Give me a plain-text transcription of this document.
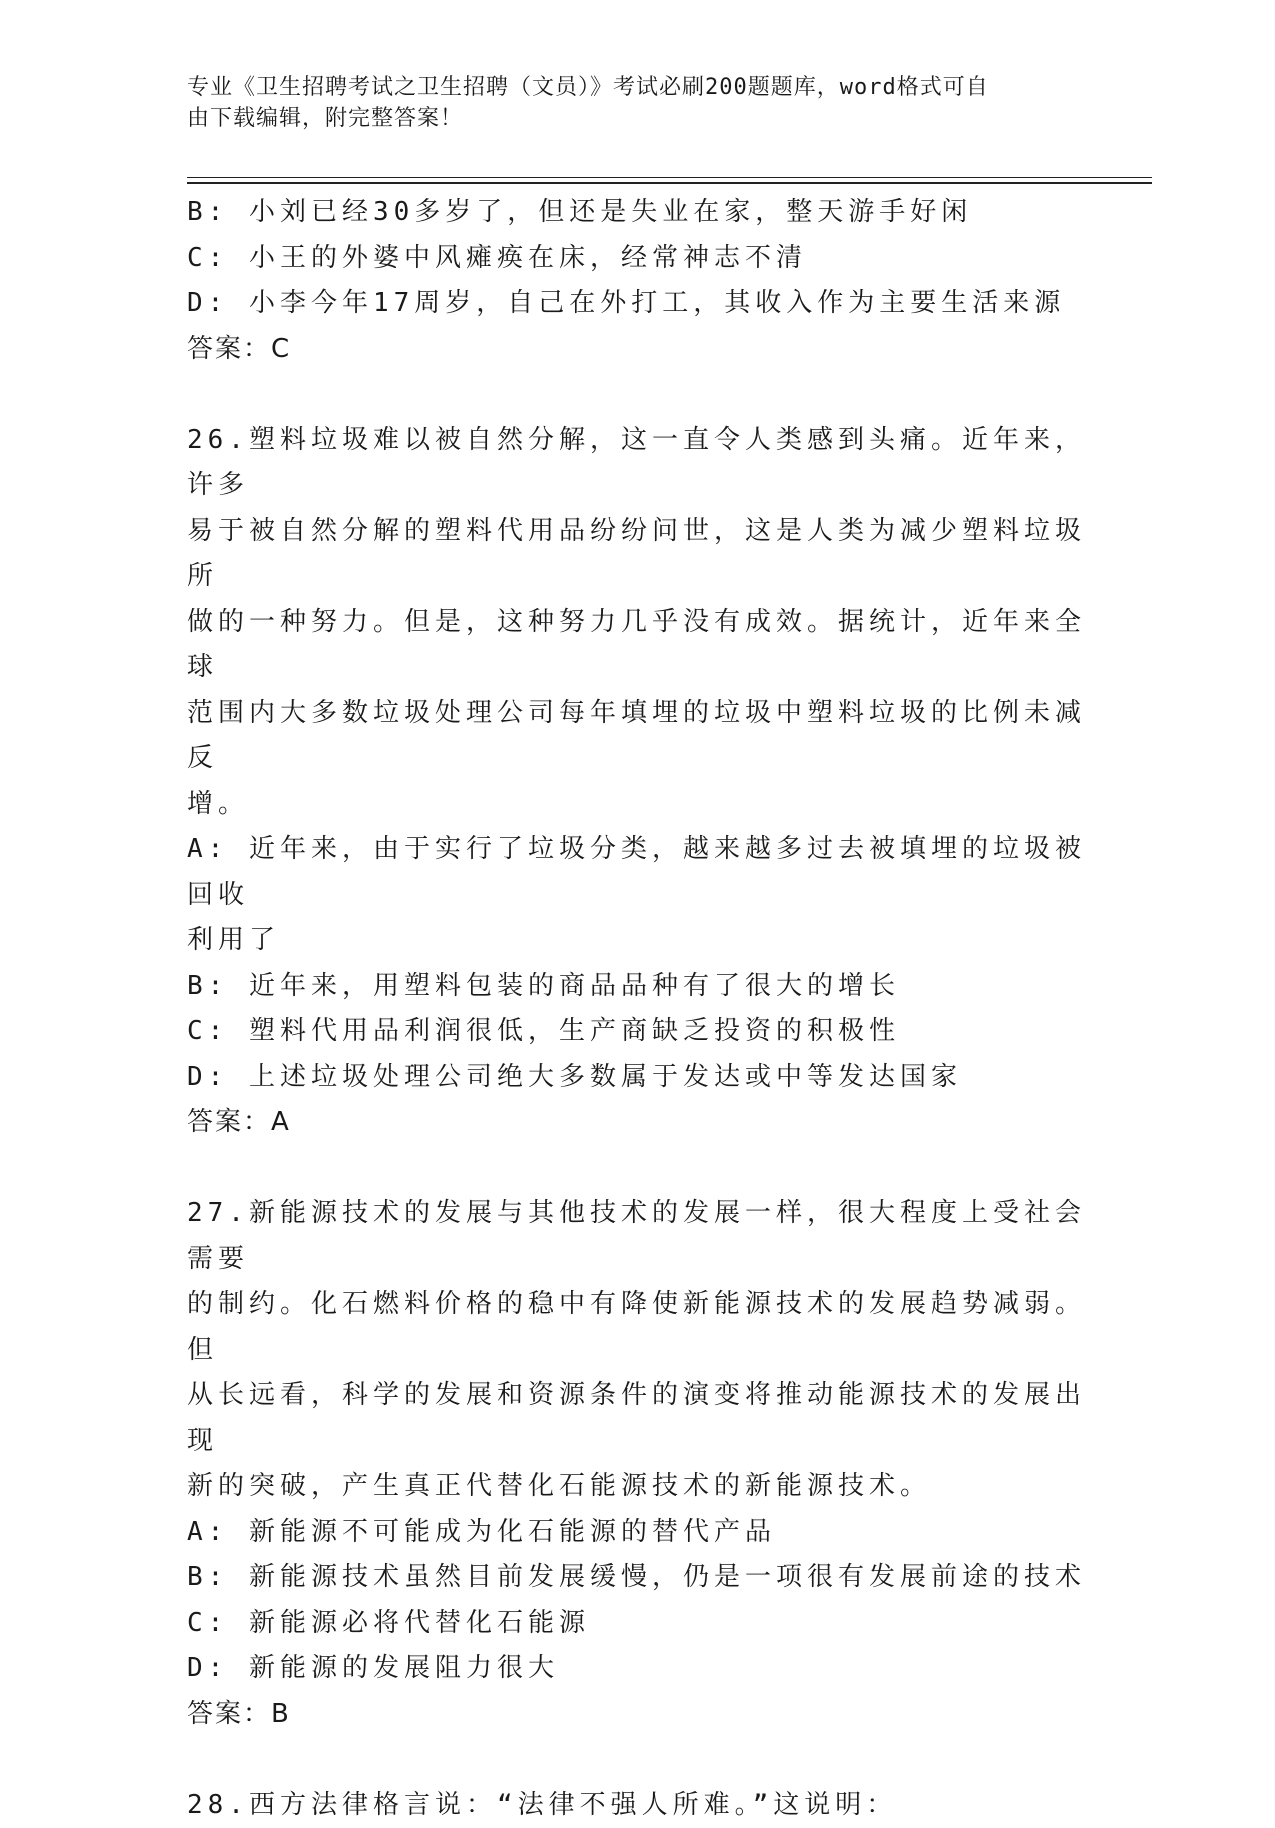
专业《卫生招聘考试之卫生招聘（文员）》考试必刷200题题库，word格式可自
由下载编辑，附完整答案！
B: 小刘已经30多岁了，但还是失业在家，整天游手好闲
C: 小王的外婆中风瘫痪在床，经常神志不清
D: 小李今年17周岁，自己在外打工，其收入作为主要生活来源
答案：C
26.塑料垃圾难以被自然分解，这一直令人类感到头痛。近年来，许多
易于被自然分解的塑料代用品纷纷问世，这是人类为减少塑料垃圾所
做的一种努力。但是，这种努力几乎没有成效。据统计，近年来全球
范围内大多数垃圾处理公司每年填埋的垃圾中塑料垃圾的比例未减反
增。
A: 近年来，由于实行了垃圾分类，越来越多过去被填埋的垃圾被回收
利用了
B: 近年来，用塑料包装的商品品种有了很大的增长
C: 塑料代用品利润很低，生产商缺乏投资的积极性
D: 上述垃圾处理公司绝大多数属于发达或中等发达国家
答案：A
27.新能源技术的发展与其他技术的发展一样，很大程度上受社会需要
的制约。化石燃料价格的稳中有降使新能源技术的发展趋势减弱。但
从长远看，科学的发展和资源条件的演变将推动能源技术的发展出现
新的突破，产生真正代替化石能源技术的新能源技术。
A: 新能源不可能成为化石能源的替代产品
B: 新能源技术虽然目前发展缓慢，仍是一项很有发展前途的技术
C: 新能源必将代替化石能源
D: 新能源的发展阻力很大
答案：B
28.西方法律格言说：“法律不强人所难。”这说明：
